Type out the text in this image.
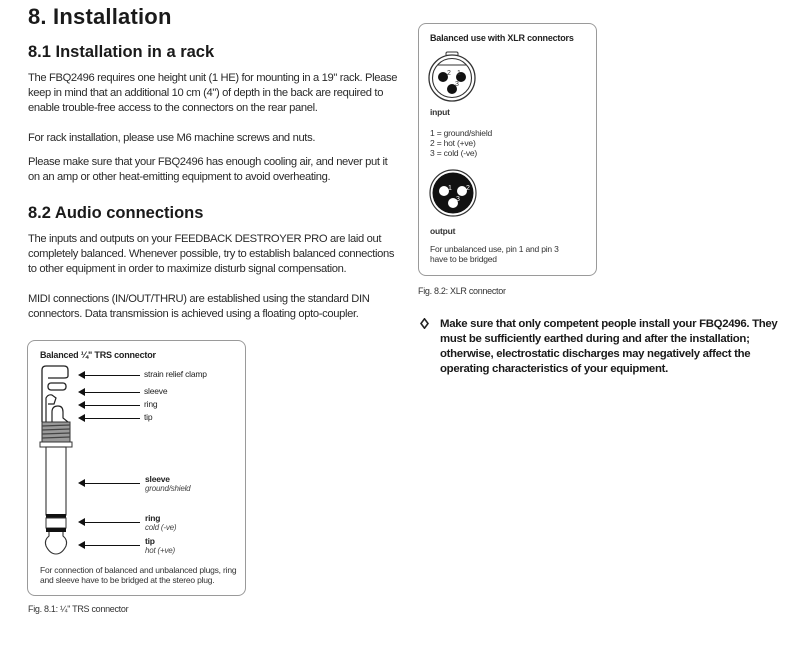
8. Installation
8.1 Installation in a rack

The FBQ2496 requires one height unit (1 HE) for mounting in a 19" rack. Please keep in mind that an additional 10 cm (4") of depth in the back are required to enable trouble-free access to the connectors on the rear panel.

For rack installation, please use M6 machine screws and nuts.

Please make sure that your FBQ2496 has enough cooling air, and never put it on an amp or other heat-emitting equipment to avoid overheating.

8.2 Audio connections

The inputs and outputs on your FEEDBACK DESTROYER PRO are laid out completely balanced. Whenever possible, try to establish balanced connections to other equipment in order to maximize disturb signal compensation.

MIDI connections (IN/OUT/THRU) are established using the standard DIN connectors. Data transmission is achieved using a floating opto-coupler.

Balanced ¼" TRS connector
strain relief clamp
sleeve
ring
tip
sleeve
ground/shield
ring
cold (-ve)
tip
hot (+ve)
For connection of balanced and unbalanced plugs, ring and sleeve have to be bridged at the stereo plug.
Fig. 8.1: ¼" TRS connector
Balanced use with XLR connectors
2 1
3
input
1 = ground/shield
2 = hot (+ve)
3 = cold (-ve)
1 2
3
output
For unbalanced use, pin 1 and pin 3 have to be bridged
Fig. 8.2: XLR connector

Make sure that only competent people install your FBQ2496. They must be sufficiently earthed during and after the installation; otherwise, electrostatic discharges may negatively affect the operating characteristics of your equipment.
